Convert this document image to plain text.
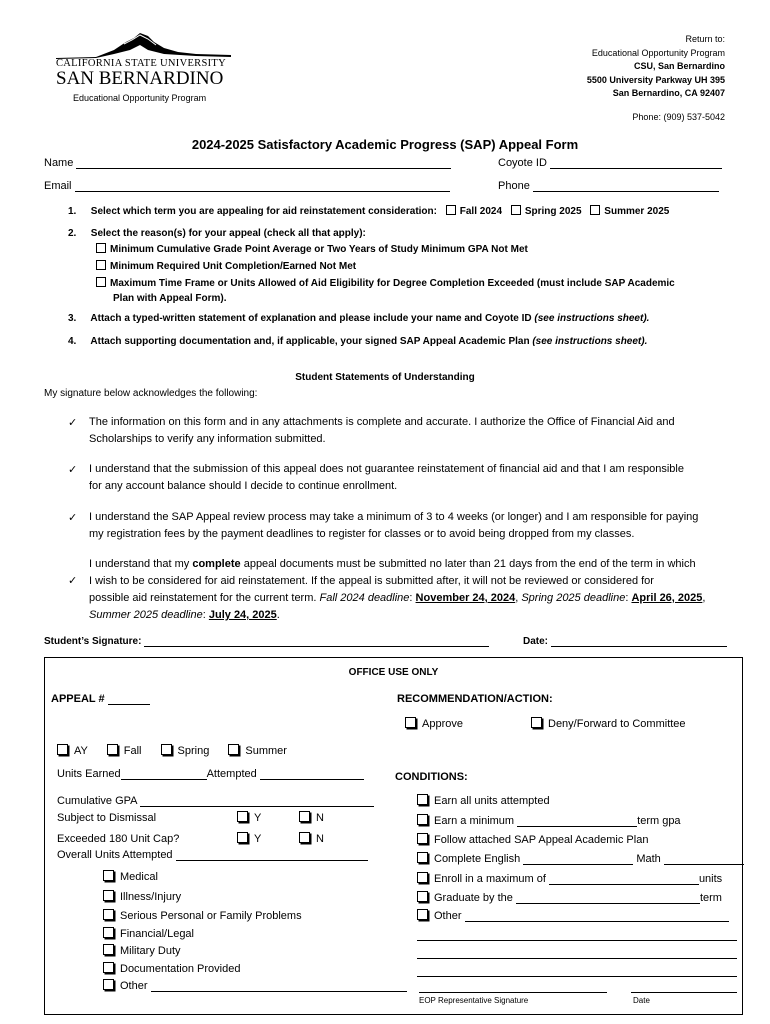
CALIFORNIA STATE UNIVERSITY
SAN BERNARDINO
Educational Opportunity Program
Return to:
Educational Opportunity Program
CSU, San Bernardino
5500 University Parkway UH 395
San Bernardino, CA 92407
Phone: (909) 537-5042
2024-2025 Satisfactory Academic Progress (SAP) Appeal Form
Name	Coyote ID
Email	Phone
1. Select which term you are appealing for aid reinstatement consideration: Fall 2024 Spring 2025 Summer 2025
2. Select the reason(s) for your appeal (check all that apply):
Minimum Cumulative Grade Point Average or Two Years of Study Minimum GPA Not Met
Minimum Required Unit Completion/Earned Not Met
Maximum Time Frame or Units Allowed of Aid Eligibility for Degree Completion Exceeded (must include SAP Academic
Plan with Appeal Form).
3. Attach a typed-written statement of explanation and please include your name and Coyote ID (see instructions sheet).
4. Attach supporting documentation and, if applicable, your signed SAP Appeal Academic Plan (see instructions sheet).
Student Statements of Understanding
My signature below acknowledges the following:
✓ The information on this form and in any attachments is complete and accurate. I authorize the Office of Financial Aid and
Scholarships to verify any information submitted.
✓ I understand that the submission of this appeal does not guarantee reinstatement of financial aid and that I am responsible
for any account balance should I decide to continue enrollment.
✓ I understand the SAP Appeal review process may take a minimum of 3 to 4 weeks (or longer) and I am responsible for paying
my registration fees by the payment deadlines to register for classes or to avoid being dropped from my classes.
✓
I understand that my complete appeal documents must be submitted no later than 21 days from the end of the term in which
I wish to be considered for aid reinstatement. If the appeal is submitted after, it will not be reviewed or considered for
possible aid reinstatement for the current term. Fall 2024 deadline: November 24, 2024, Spring 2025 deadline: April 26, 2025,
Summer 2025 deadline: July 24, 2025.
Student’s Signature:	Date:
OFFICE USE ONLY
APPEAL #
AY	Fall	Spring	Summer
Units Earned	Attempted
Cumulative GPA
Subject to Dismissal	Y	N
Exceeded 180 Unit Cap?	Y	N
Overall Units Attempted
Medical
Illness/Injury
Serious Personal or Family Problems
Financial/Legal
Military Duty
Documentation Provided
Other
RECOMMENDATION/ACTION:
Approve	Deny/Forward to Committee
CONDITIONS:
Earn all units attempted
Earn a minimum	term gpa
Follow attached SAP Appeal Academic Plan
Complete English	Math
Enroll in a maximum of	units
Graduate by the	term
Other
EOP Representative Signature	Date
